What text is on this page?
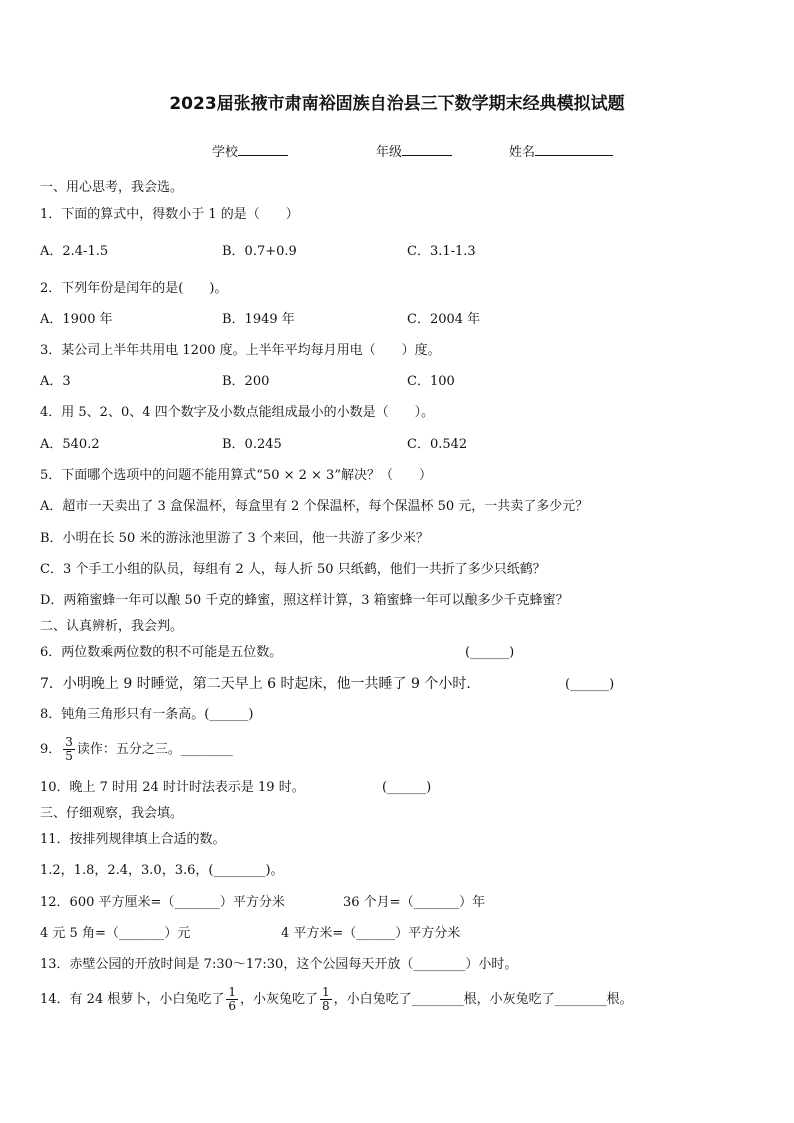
2023届张掖市肃南裕固族自治县三下数学期末经典模拟试题
学校	年级	姓名
一、用心思考，我会选。
1．下面的算式中，得数小于 1 的是（　　）
A．2.4-1.5	B．0.7+0.9	C．3.1-1.3
2．下列年份是闰年的是(　　)。
A．1900 年	B．1949 年	C．2004 年
3．某公司上半年共用电 1200 度。上半年平均每月用电（　　）度。
A．3	B．200	C．100
4．用 5、2、0、4 四个数字及小数点能组成最小的小数是（　　）。
A．540.2	B．0.245	C．0.542
5．下面哪个选项中的问题不能用算式“50 × 2 × 3”解决？（　　）
A．超市一天卖出了 3 盒保温杯，每盒里有 2 个保温杯，每个保温杯 50 元，一共卖了多少元？
B．小明在长 50 米的游泳池里游了 3 个来回，他一共游了多少米？
C．3 个手工小组的队员，每组有 2 人，每人折 50 只纸鹤，他们一共折了多少只纸鹤？
D．两箱蜜蜂一年可以酿 50 千克的蜂蜜，照这样计算，3 箱蜜蜂一年可以酿多少千克蜂蜜？
二、认真辨析，我会判。
6．两位数乘两位数的积不可能是五位数。	(______)
7．小明晚上 9 时睡觉，第二天早上 6 时起床，他一共睡了 9 个小时．	(______)
8．钝角三角形只有一条高。(______)
9． $\frac{3}{5}$ 读作：五分之三。________
10．晚上 7 时用 24 时计时法表示是 19 时。	(______)
三、仔细观察，我会填。
11．按排列规律填上合适的数。
1.2，1.8，2.4，3.0，3.6，(________)。
12．600 平方厘米=（_______）平方分米	36 个月=（_______）年
4 元 5 角=（_______）元	4 平方米=（______）平方分米
13．赤壁公园的开放时间是 7:30～17:30，这个公园每天开放（________）小时。
14．有 24 根萝卜，小白兔吃了 $\frac{1}{6}$ ，小灰兔吃了 $\frac{1}{8}$ ，小白兔吃了________根，小灰兔吃了________根。
